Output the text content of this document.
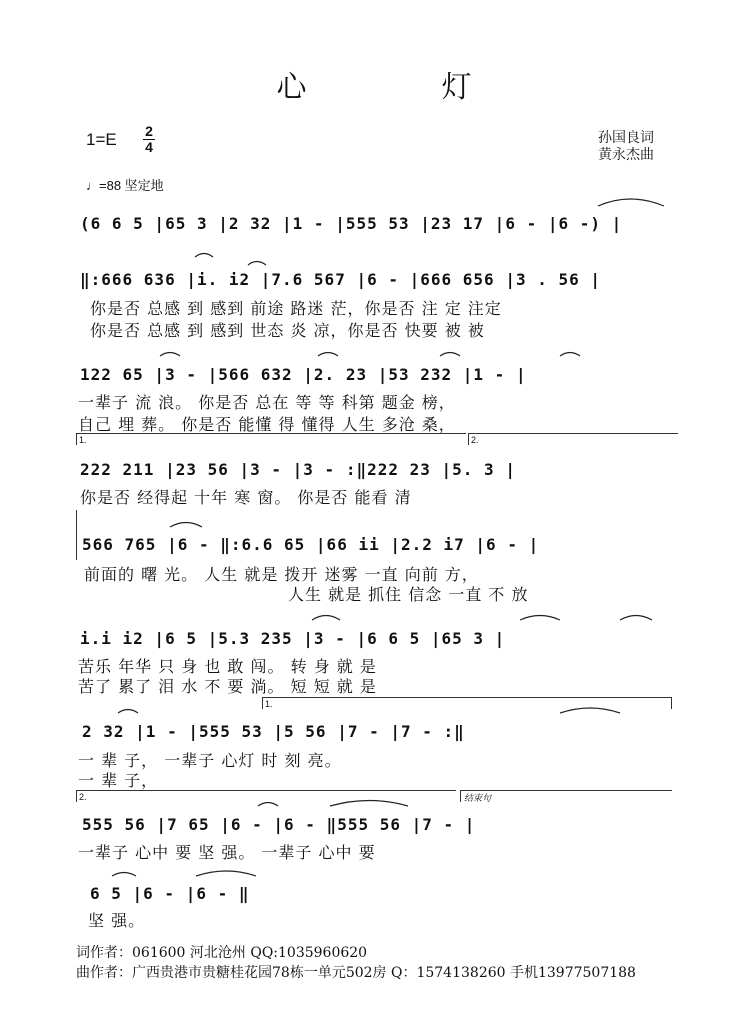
心	灯
1=E 2
4
孙国良词
黄永杰曲
♩=88 坚定地
(6 6 5 |65 3 |2 32 |1 - |555 53 |23 17 |6 - |6 -) |
‖:666 636 |i. i2 |7.6 567 |6 - |666 656 |3 . 56 |
你是否 总感 到 感到 前途 路迷 茫，你是否 注 定 注定
你是否 总感 到 感到 世态 炎 凉，你是否 快要 被 被
122 65 |3 - |566 632 |2. 23 |53 232 |1 - |
一辈子 流 浪。 你是否 总在 等 等 科第 题金 榜，
自己 埋 葬。 你是否 能懂 得 懂得 人生 多沧 桑，
1.	2.
222 211 |23 56 |3 - |3 - :‖222 23 |5. 3 |
你是否 经得起 十年 寒 窗。 你是否 能看 清
566 765 |6 - ‖:6.6 65 |66 ii |2.2 i7 |6 - |
前面的 曙 光。 人生 就是 拨开 迷雾 一直 向前 方，
人生 就是 抓住 信念 一直 不 放
i.i i2 |6 5 |5.3 235 |3 - |6 6 5 |65 3 |
苦乐 年华 只 身 也 敢 闯。 转 身 就 是
苦了 累了 泪 水 不 要 淌。 短 短 就 是
1.
2 32 |1 - |555 53 |5 56 |7 - |7 - :‖
一 辈 子， 一辈子 心灯 时 刻 亮。
一 辈 子，
2.	结束句
555 56 |7 65 |6 - |6 - ‖555 56 |7 - |
一辈子 心中 要 坚 强。 一辈子 心中 要
6 5 |6 - |6 - ‖
坚 强。
词作者：061600 河北沧州 QQ:1035960620
曲作者：广西贵港市贵糖桂花园78栋一单元502房 Q：1574138260 手机13977507188
